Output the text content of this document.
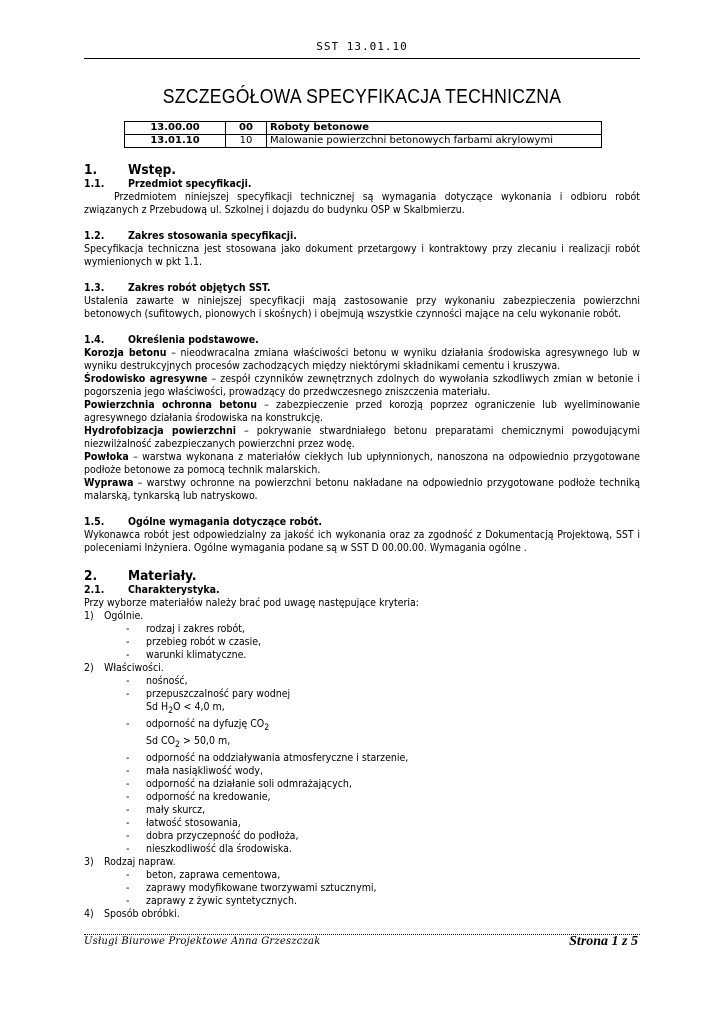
SST 13.01.10
SZCZEGÓŁOWA SPECYFIKACJA TECHNICZNA
13.00.00	00	Roboty betonowe
13.01.10	10	Malowanie powierzchni betonowych farbami akrylowymi

1. Wstęp.

1.1. Przedmiot specyfikacji.

Przedmiotem niniejszej specyfikacji technicznej są wymagania dotyczące wykonania i odbioru robót związanych z Przebudową ul. Szkolnej i dojazdu do budynku OSP w Skalbmierzu.

1.2. Zakres stosowania specyfikacji.

Specyfikacja techniczna jest stosowana jako dokument przetargowy i kontraktowy przy zlecaniu i realizacji robót wymienionych w pkt 1.1.

1.3. Zakres robót objętych SST.

Ustalenia zawarte w niniejszej specyfikacji mają zastosowanie przy wykonaniu zabezpieczenia powierzchni betonowych (sufitowych, pionowych i skośnych) i obejmują wszystkie czynności mające na celu wykonanie robót.

1.4. Określenia podstawowe.

Korozja betonu – nieodwracalna zmiana właściwości betonu w wyniku działania środowiska agresywnego lub w wyniku destrukcyjnych procesów zachodzących między niektórymi składnikami cementu i kruszywa.

Środowisko agresywne – zespół czynników zewnętrznych zdolnych do wywołania szkodliwych zmian w betonie i pogorszenia jego właściwości, prowadzący do przedwczesnego zniszczenia materiału.

Powierzchnia ochronna betonu – zabezpieczenie przed korozją poprzez ograniczenie lub wyeliminowanie agresywnego działania środowiska na konstrukcję.

Hydrofobizacja powierzchni – pokrywanie stwardniałego betonu preparatami chemicznymi powodującymi niezwilżalność zabezpieczanych powierzchni przez wodę.

Powłoka – warstwa wykonana z materiałów ciekłych lub upłynnionych, nanoszona na odpowiednio przygotowane podłoże betonowe za pomocą technik malarskich.

Wyprawa – warstwy ochronne na powierzchni betonu nakładane na odpowiednio przygotowane podłoże techniką malarską, tynkarską lub natryskowo.

1.5. Ogólne wymagania dotyczące robót.

Wykonawca robót jest odpowiedzialny za jakość ich wykonania oraz za zgodność z Dokumentacją Projektową, SST i poleceniami Inżyniera. Ogólne wymagania podane są w SST D 00.00.00. Wymagania ogólne .

2. Materiały.

2.1. Charakterystyka.

Przy wyborze materiałów należy brać pod uwagę następujące kryteria:

1) Ogólnie.

- rodzaj i zakres robót,

- przebieg robót w czasie,

- warunki klimatyczne.

2) Właściwości.

- nośność,

- przepuszczalność pary wodnej

Sd $H_2O < 4,0$ m,

- odporność na dyfuzję $CO_2$

Sd $CO_2 > 50,0$ m,

- odporność na oddziaływania atmosferyczne i starzenie,

- mała nasiąkliwość wody,

- odporność na działanie soli odmrażających,

- odporność na kredowanie,

- mały skurcz,

- łatwość stosowania,

- dobra przyczepność do podłoża,

- nieszkodliwość dla środowiska.

3) Rodzaj napraw.

- beton, zaprawa cementowa,

- zaprawy modyfikowane tworzywami sztucznymi,

- zaprawy z żywic syntetycznych.

4) Sposób obróbki.

Usługi Biurowe Projektowe Anna Grzeszczak	Strona 1 z 5
